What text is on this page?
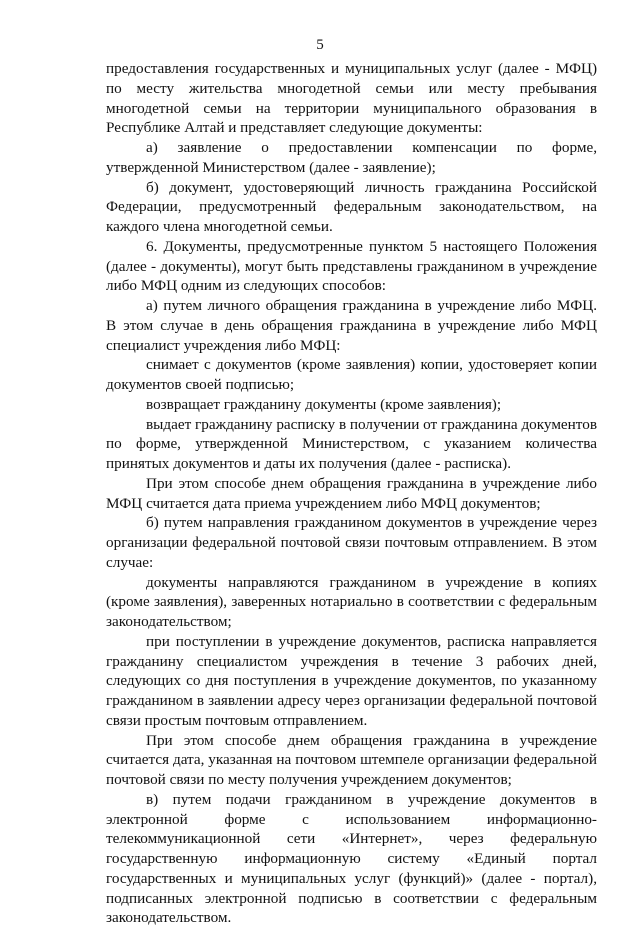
5

предоставления государственных и муниципальных услуг (далее - МФЦ) по месту жительства многодетной семьи или месту пребывания многодетной семьи на территории муниципального образования в Республике Алтай и представляет следующие документы:

а) заявление о предоставлении компенсации по форме, утвержденной Министерством (далее - заявление);

б) документ, удостоверяющий личность гражданина Российской Федерации, предусмотренный федеральным законодательством, на каждого члена многодетной семьи.

6. Документы, предусмотренные пунктом 5 настоящего Положения (далее - документы), могут быть представлены гражданином в учреждение либо МФЦ одним из следующих способов:

а) путем личного обращения гражданина в учреждение либо МФЦ. В этом случае в день обращения гражданина в учреждение либо МФЦ специалист учреждения либо МФЦ:

снимает с документов (кроме заявления) копии, удостоверяет копии документов своей подписью;

возвращает гражданину документы (кроме заявления);

выдает гражданину расписку в получении от гражданина документов по форме, утвержденной Министерством, с указанием количества принятых документов и даты их получения (далее - расписка).

При этом способе днем обращения гражданина в учреждение либо МФЦ считается дата приема учреждением либо МФЦ документов;

б) путем направления гражданином документов в учреждение через организации федеральной почтовой связи почтовым отправлением. В этом случае:

документы направляются гражданином в учреждение в копиях (кроме заявления), заверенных нотариально в соответствии с федеральным законодательством;

при поступлении в учреждение документов, расписка направляется гражданину специалистом учреждения в течение 3 рабочих дней, следующих со дня поступления в учреждение документов, по указанному гражданином в заявлении адресу через организации федеральной почтовой связи простым почтовым отправлением.

При этом способе днем обращения гражданина в учреждение считается дата, указанная на почтовом штемпеле организации федеральной почтовой связи по месту получения учреждением документов;

в) путем подачи гражданином в учреждение документов в электронной форме с использованием информационно-телекоммуникационной сети «Интернет», через федеральную государственную информационную систему «Единый портал государственных и муниципальных услуг (функций)» (далее - портал), подписанных электронной подписью в соответствии с федеральным законодательством.
